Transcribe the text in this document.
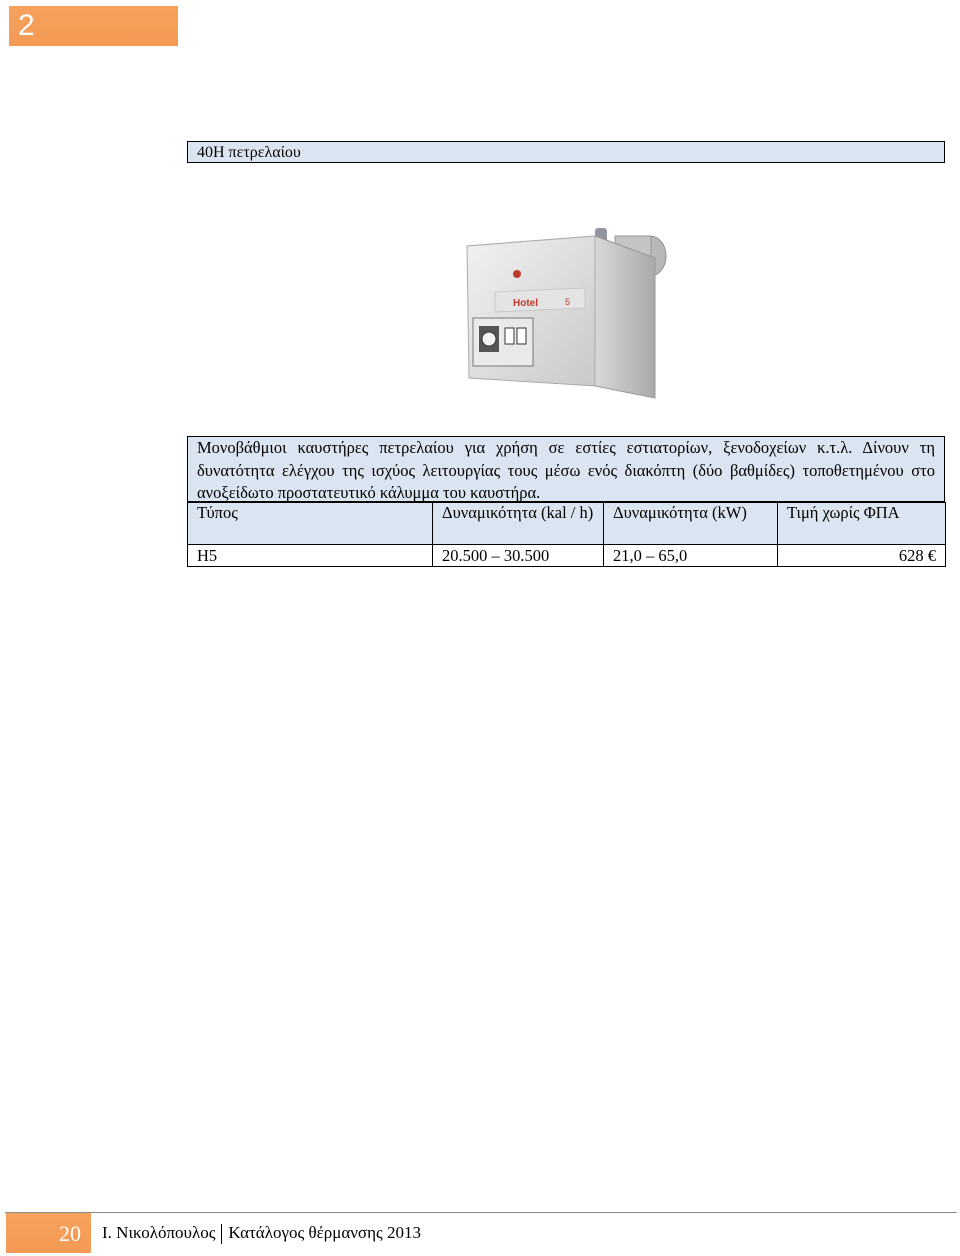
2
40Η πετρελαίου
Hotel	5
Μονοβάθμιοι καυστήρες πετρελαίου για χρήση σε εστίες εστιατορίων, ξενοδοχείων κ.τ.λ. Δίνουν τη δυνατότητα ελέγχου της ισχύος λειτουργίας τους μέσω ενός διακόπτη (δύο βαθμίδες) τοποθετημένου στο ανοξείδωτο προστατευτικό κάλυμμα του καυστήρα.
Τύπος	Δυναμικότητα (kal / h)	Δυναμικότητα (kW)	Τιμή χωρίς ΦΠΑ
H5	20.500 – 30.500	21,0 – 65,0	628 €
20 Ι. Νικολόπουλος Κατάλογος θέρμανσης 2013
